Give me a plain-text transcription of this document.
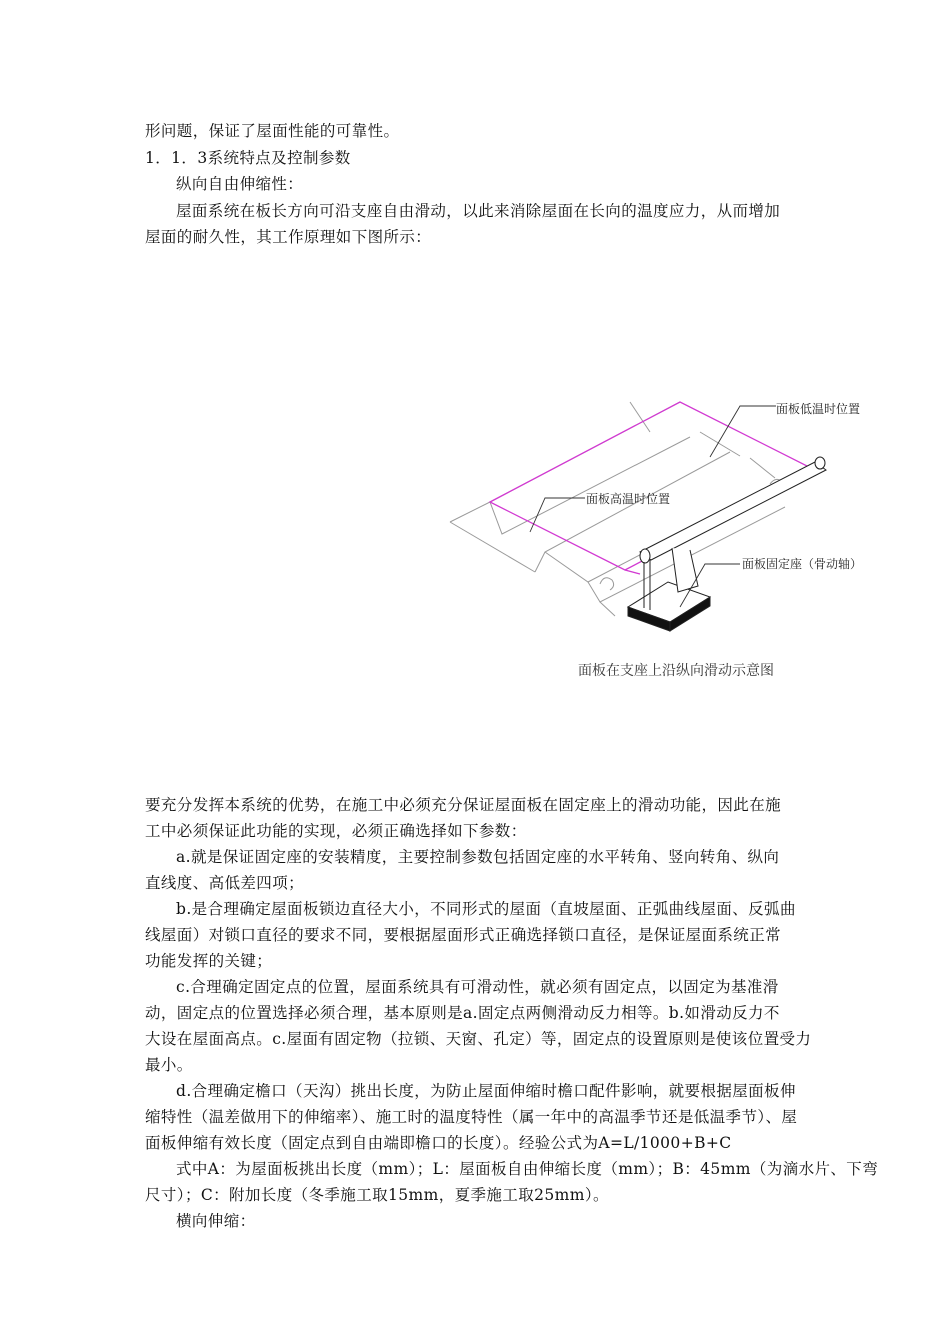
形问题，保证了屋面性能的可靠性。
1．1．3系统特点及控制参数
纵向自由伸缩性：
屋面系统在板长方向可沿支座自由滑动，以此来消除屋面在长向的温度应力，从而增加
屋面的耐久性，其工作原理如下图所示：
面板低温时位置
面板高温时位置
面板固定座（骨动轴）
面板在支座上沿纵向滑动示意图
要充分发挥本系统的优势，在施工中必须充分保证屋面板在固定座上的滑动功能，因此在施
工中必须保证此功能的实现，必须正确选择如下参数：
a.就是保证固定座的安装精度，主要控制参数包括固定座的水平转角、竖向转角、纵向
直线度、高低差四项；
b.是合理确定屋面板锁边直径大小，不同形式的屋面（直坡屋面、正弧曲线屋面、反弧曲
线屋面）对锁口直径的要求不同，要根据屋面形式正确选择锁口直径，是保证屋面系统正常
功能发挥的关键；
c.合理确定固定点的位置，屋面系统具有可滑动性，就必须有固定点，以固定为基准滑
动，固定点的位置选择必须合理，基本原则是a.固定点两侧滑动反力相等。b.如滑动反力不
大设在屋面高点。c.屋面有固定物（拉锁、天窗、孔定）等，固定点的设置原则是使该位置受力
最小。
d.合理确定檐口（天沟）挑出长度，为防止屋面伸缩时檐口配件影响，就要根据屋面板伸
缩特性（温差做用下的伸缩率）、施工时的温度特性（属一年中的高温季节还是低温季节）、屋
面板伸缩有效长度（固定点到自由端即檐口的长度）。经验公式为A=L/1000+B+C
式中A：为屋面板挑出长度（mm）；L：屋面板自由伸缩长度（mm）；B：45mm（为滴水片、下弯
尺寸）；C：附加长度（冬季施工取15mm，夏季施工取25mm）。
横向伸缩：
